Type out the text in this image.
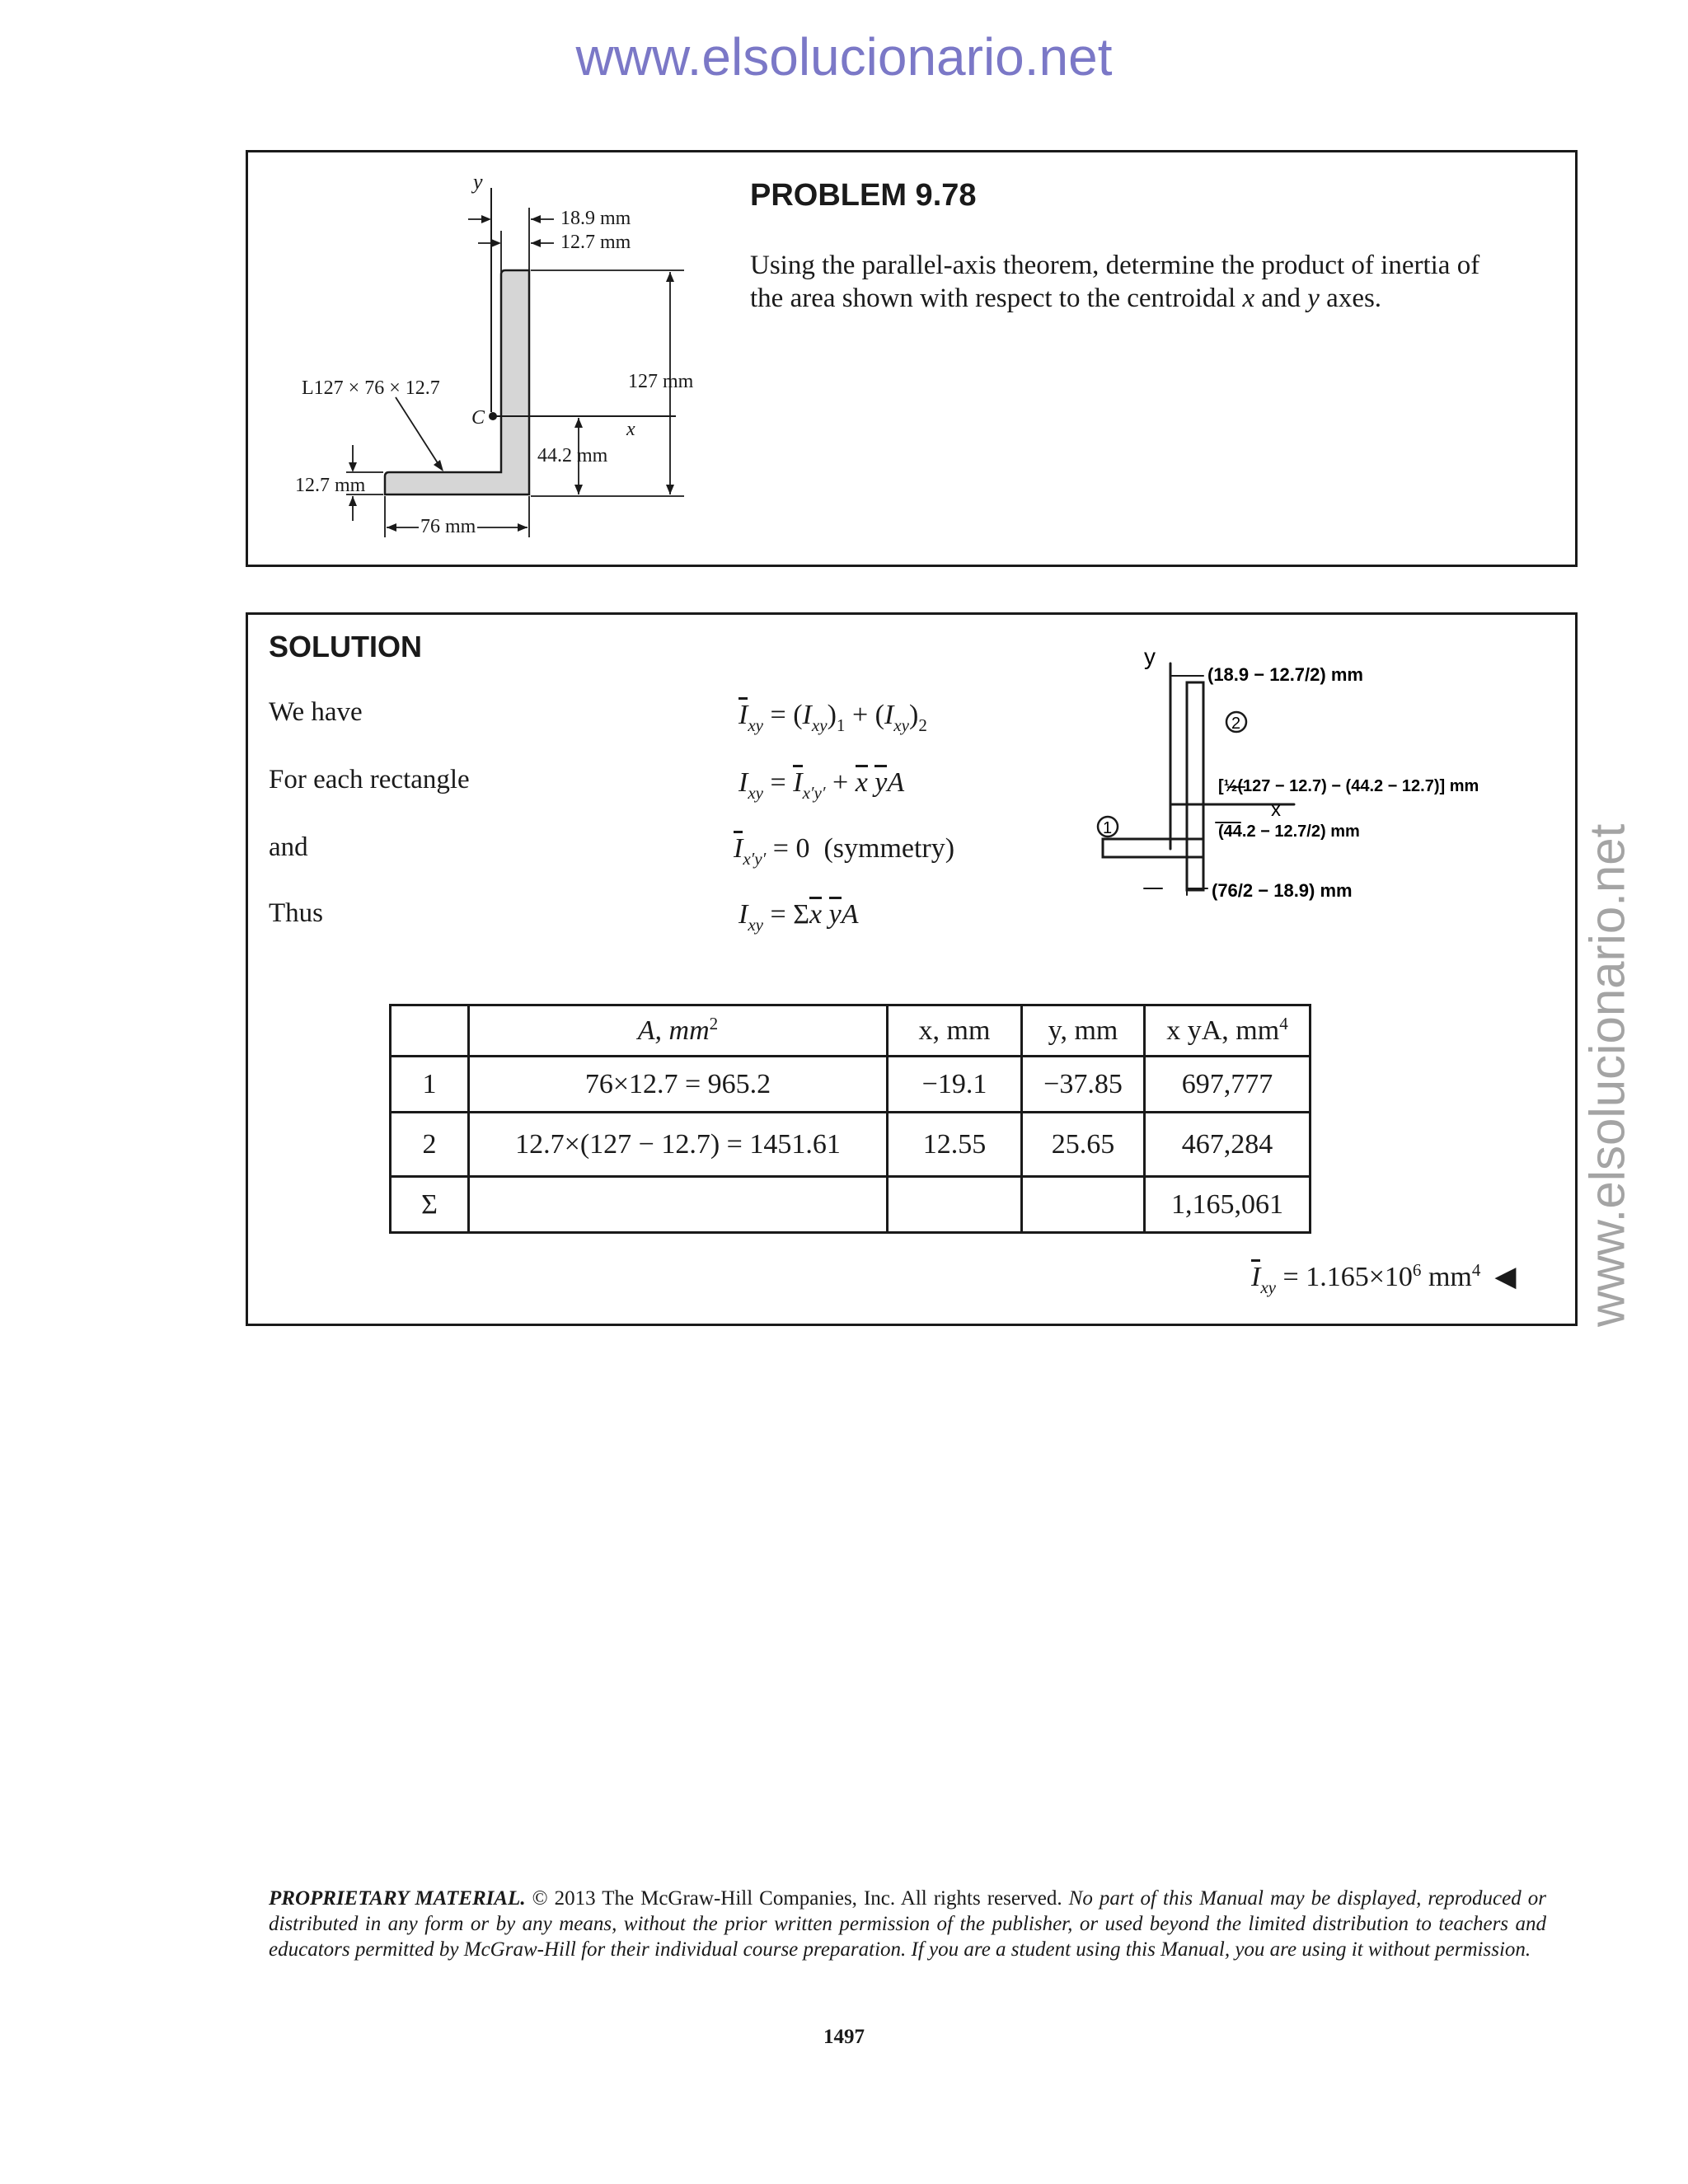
www.elsolucionario.net
www.elsolucionario.net
y
18.9 mm
12.7 mm
127 mm
L127 × 76 × 12.7
C
x
44.2 mm
12.7 mm
76 mm
PROBLEM 9.78
Using the parallel-axis theorem, determine the product of inertia of
the area shown with respect to the centroidal x and y axes.
SOLUTION
We have
For each rectangle
and
Thus
$I_{xy} = (I_{xy})_1 + (I_{xy})_2$
$I_{xy} = I_{x'y'} + x$ yA
$I_{x'y'} = 0$  (symmetry)
$I_{xy} = \Sigma x$ yA
y
x
2
1
(18.9 − 12.7/2) mm
[½(127 − 12.7) − (44.2 − 12.7)] mm
(44.2 − 12.7/2) mm
(76/2 − 18.9) mm
	A, $mm^2$	x, mm	y, mm	x yA, $mm^4$
1	76×12.7 = 965.2	−19.1	−37.85	697,777
2	12.7×(127 − 12.7) = 1451.61	12.55	25.65	467,284
Σ				1,165,061
$I_{xy} = 1.165\times 10^6$ $mm^4$ ◀
PROPRIETARY MATERIAL. © 2013 The McGraw-Hill Companies, Inc. All rights reserved. No part of this Manual may be displayed, reproduced or distributed in any form or by any means, without the prior written permission of the publisher, or used beyond the limited distribution to teachers and educators permitted by McGraw-Hill for their individual course preparation. If you are a student using this Manual, you are using it without permission.
1497
